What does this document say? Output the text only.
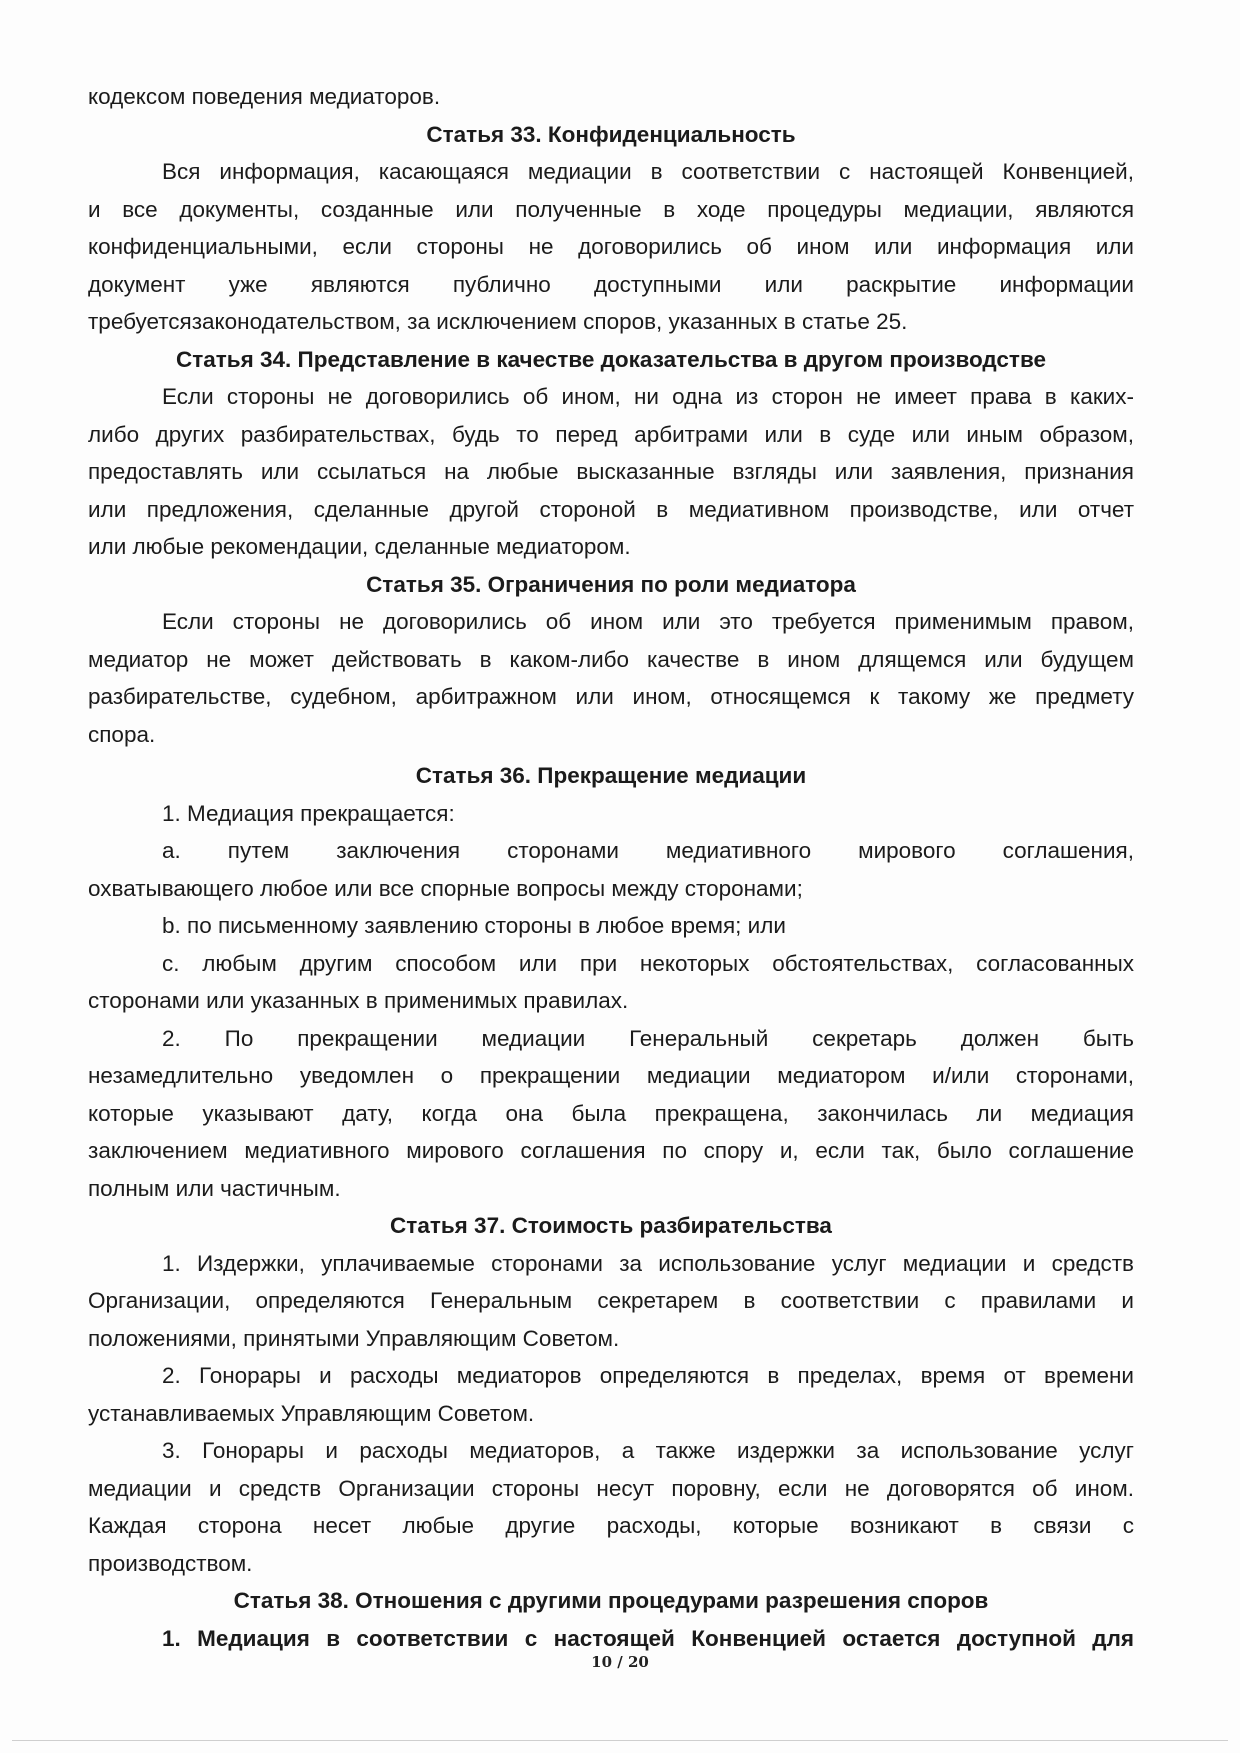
кодексом поведения медиаторов.
Статья 33. Конфиденциальность
Вся информация, касающаяся медиации в соответствии с настоящей Конвенцией,
и все документы, созданные или полученные в ходе процедуры медиации, являются
конфиденциальными, если стороны не договорились об ином или информация или
документ уже являются публично доступными или раскрытие информации
требуетсязаконодательством, за исключением споров, указанных в статье 25.
Статья 34. Представление в качестве доказательства в другом производстве
Если стороны не договорились об ином, ни одна из сторон не имеет права в каких-
либо других разбирательствах, будь то перед арбитрами или в суде или иным образом,
предоставлять или ссылаться на любые высказанные взгляды или заявления, признания
или предложения, сделанные другой стороной в медиативном производстве, или отчет
или любые рекомендации, сделанные медиатором.
Статья 35. Ограничения по роли медиатора
Если стороны не договорились об ином или это требуется применимым правом,
медиатор не может действовать в каком-либо качестве в ином длящемся или будущем
разбирательстве, судебном, арбитражном или ином, относящемся к такому же предмету
спора.
Статья 36. Прекращение медиации
1. Медиация прекращается:
a. путем заключения сторонами медиативного мирового соглашения,
охватывающего любое или все спорные вопросы между сторонами;
b. по письменному заявлению стороны в любое время; или
c. любым другим способом или при некоторых обстоятельствах, согласованных
сторонами или указанных в применимых правилах.
2. По прекращении медиации Генеральный секретарь должен быть
незамедлительно уведомлен о прекращении медиации медиатором и/или сторонами,
которые указывают дату, когда она была прекращена, закончилась ли медиация
заключением медиативного мирового соглашения по спору и, если так, было соглашение
полным или частичным.
Статья 37. Стоимость разбирательства
1. Издержки, уплачиваемые сторонами за использование услуг медиации и средств
Организации, определяются Генеральным секретарем в соответствии с правилами и
положениями, принятыми Управляющим Советом.
2. Гонорары и расходы медиаторов определяются в пределах, время от времени
устанавливаемых Управляющим Советом.
3. Гонорары и расходы медиаторов, а также издержки за использование услуг
медиации и средств Организации стороны несут поровну, если не договорятся об ином.
Каждая сторона несет любые другие расходы, которые возникают в связи с
производством.
Статья 38. Отношения с другими процедурами разрешения споров
1. Медиация в соответствии с настоящей Конвенцией остается доступной для
10 / 20
